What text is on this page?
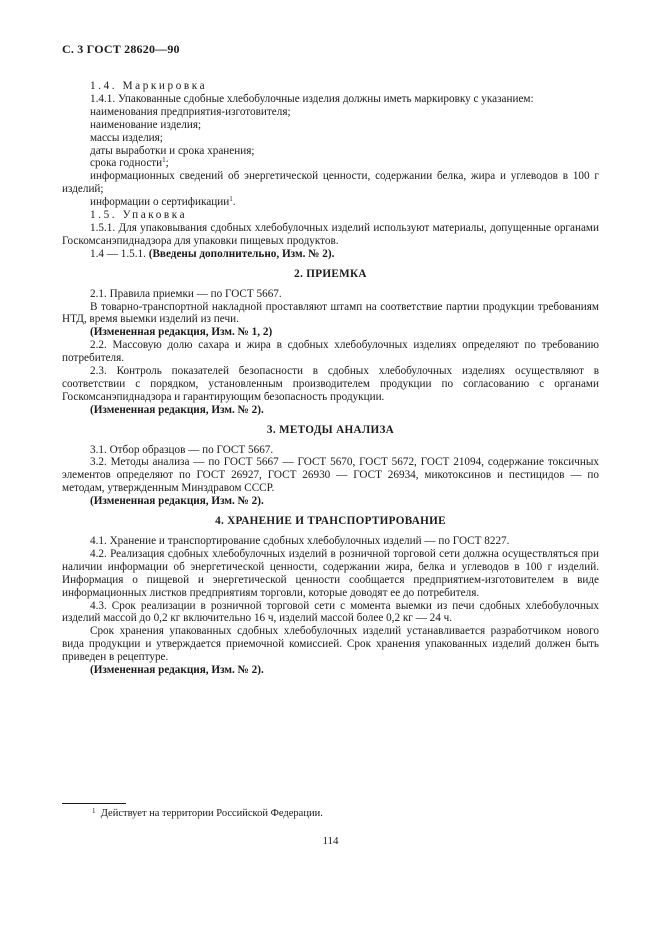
С. 3 ГОСТ 28620—90

1.4. Маркировка

1.4.1. Упакованные сдобные хлебобулочные изделия должны иметь маркировку с указанием:

наименования предприятия-изготовителя;

наименование изделия;

массы изделия;

даты выработки и срока хранения;

срока годности$^1$;

информационных сведений об энергетической ценности, содержании белка, жира и углеводов в 100 г изделий;

информации о сертификации$^1$.

1.5. Упаковка

1.5.1. Для упаковывания сдобных хлебобулочных изделий используют материалы, допущенные органами Госкомсанэпиднадзора для упаковки пищевых продуктов.

1.4 — 1.5.1. (Введены дополнительно, Изм. № 2).

2. ПРИЕМКА

2.1. Правила приемки — по ГОСТ 5667.

В товарно-транспортной накладной проставляют штамп на соответствие партии продукции требованиям НТД, время выемки изделий из печи.

(Измененная редакция, Изм. № 1, 2)

2.2. Массовую долю сахара и жира в сдобных хлебобулочных изделиях определяют по требованию потребителя.

2.3. Контроль показателей безопасности в сдобных хлебобулочных изделиях осуществляют в соответствии с порядком, установленным производителем продукции по согласованию с органами Госкомсанэпиднадзора и гарантирующим безопасность продукции.

(Измененная редакция, Изм. № 2).

3. МЕТОДЫ АНАЛИЗА

3.1. Отбор образцов — по ГОСТ 5667.

3.2. Методы анализа — по ГОСТ 5667 — ГОСТ 5670, ГОСТ 5672, ГОСТ 21094, содержание токсичных элементов определяют по ГОСТ 26927, ГОСТ 26930 — ГОСТ 26934, микотоксинов и пестицидов — по методам, утвержденным Минздравом СССР.

(Измененная редакция, Изм. № 2).

4. ХРАНЕНИЕ И ТРАНСПОРТИРОВАНИЕ

4.1. Хранение и транспортирование сдобных хлебобулочных изделий — по ГОСТ 8227.

4.2. Реализация сдобных хлебобулочных изделий в розничной торговой сети должна осуществляться при наличии информации об энергетической ценности, содержании жира, белка и углеводов в 100 г изделий. Информация о пищевой и энергетической ценности сообщается предприятием-изготовителем в виде информационных листков предприятиям торговли, которые доводят ее до потребителя.

4.3. Срок реализации в розничной торговой сети с момента выемки из печи сдобных хлебобулочных изделий массой до 0,2 кг включительно 16 ч, изделий массой более 0,2 кг — 24 ч.

Срок хранения упакованных сдобных хлебобулочных изделий устанавливается разработчиком нового вида продукции и утверждается приемочной комиссией. Срок хранения упакованных изделий должен быть приведен в рецептуре.

(Измененная редакция, Изм. № 2).

$^1$ Действует на территории Российской Федерации.
114
